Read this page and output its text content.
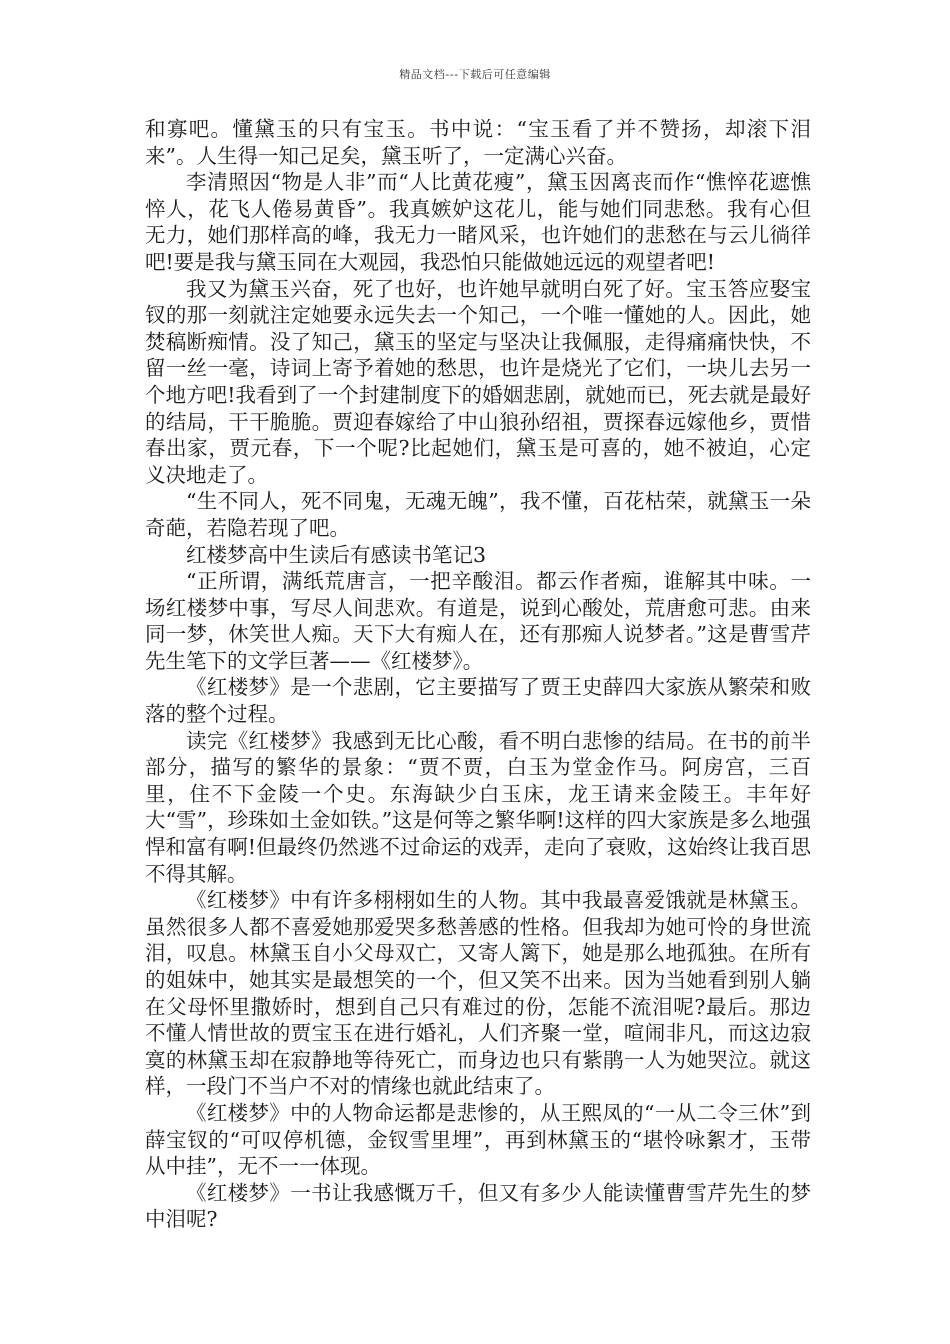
精品文档---下载后可任意编辑

和寡吧。懂黛玉的只有宝玉。书中说：“宝玉看了并不赞扬，却滚下泪来”。人生得一知己足矣，黛玉听了，一定满心兴奋。

李清照因“物是人非”而“人比黄花瘦”，黛玉因离丧而作“憔悴花遮憔悴人，花飞人倦易黄昏”。我真嫉妒这花儿，能与她们同悲愁。我有心但无力，她们那样高的峰，我无力一睹风采，也许她们的悲愁在与云儿徜徉吧!要是我与黛玉同在大观园，我恐怕只能做她远远的观望者吧!

我又为黛玉兴奋，死了也好，也许她早就明白死了好。宝玉答应娶宝钗的那一刻就注定她要永远失去一个知己，一个唯一懂她的人。因此，她焚稿断痴情。没了知己，黛玉的坚定与坚决让我佩服，走得痛痛快快，不留一丝一毫，诗词上寄予着她的愁思，也许是烧光了它们，一块儿去另一个地方吧!我看到了一个封建制度下的婚姻悲剧，就她而已，死去就是最好的结局，干干脆脆。贾迎春嫁给了中山狼孙绍祖，贾探春远嫁他乡，贾惜春出家，贾元春，下一个呢?比起她们，黛玉是可喜的，她不被迫，心定义决地走了。

“生不同人，死不同鬼，无魂无魄”，我不懂，百花枯荣，就黛玉一朵奇葩，若隐若现了吧。

红楼梦高中生读后有感读书笔记3

“正所谓，满纸荒唐言，一把辛酸泪。都云作者痴，谁解其中味。一场红楼梦中事，写尽人间悲欢。有道是，说到心酸处，荒唐愈可悲。由来同一梦，休笑世人痴。天下大有痴人在，还有那痴人说梦者。”这是曹雪芹先生笔下的文学巨著——《红楼梦》。

《红楼梦》是一个悲剧，它主要描写了贾王史薛四大家族从繁荣和败落的整个过程。

读完《红楼梦》我感到无比心酸，看不明白悲惨的结局。在书的前半部分，描写的繁华的景象：“贾不贾，白玉为堂金作马。阿房宫，三百里，住不下金陵一个史。东海缺少白玉床，龙王请来金陵王。丰年好大“雪”，珍珠如土金如铁。”这是何等之繁华啊!这样的四大家族是多么地强悍和富有啊!但最终仍然逃不过命运的戏弄，走向了衰败，这始终让我百思不得其解。

《红楼梦》中有许多栩栩如生的人物。其中我最喜爱饿就是林黛玉。虽然很多人都不喜爱她那爱哭多愁善感的性格。但我却为她可怜的身世流泪，叹息。林黛玉自小父母双亡，又寄人篱下，她是那么地孤独。在所有的姐妹中，她其实是最想笑的一个，但又笑不出来。因为当她看到别人躺在父母怀里撒娇时，想到自己只有难过的份，怎能不流泪呢?最后。那边不懂人情世故的贾宝玉在进行婚礼，人们齐聚一堂，喧闹非凡，而这边寂寞的林黛玉却在寂静地等待死亡，而身边也只有紫鹃一人为她哭泣。就这样，一段门不当户不对的情缘也就此结束了。

《红楼梦》中的人物命运都是悲惨的，从王熙凤的“一从二令三休”到薛宝钗的“可叹停机德，金钗雪里埋”，再到林黛玉的“堪怜咏絮才，玉带从中挂”，无不一一体现。

《红楼梦》一书让我感慨万千，但又有多少人能读懂曹雪芹先生的梦中泪呢?
